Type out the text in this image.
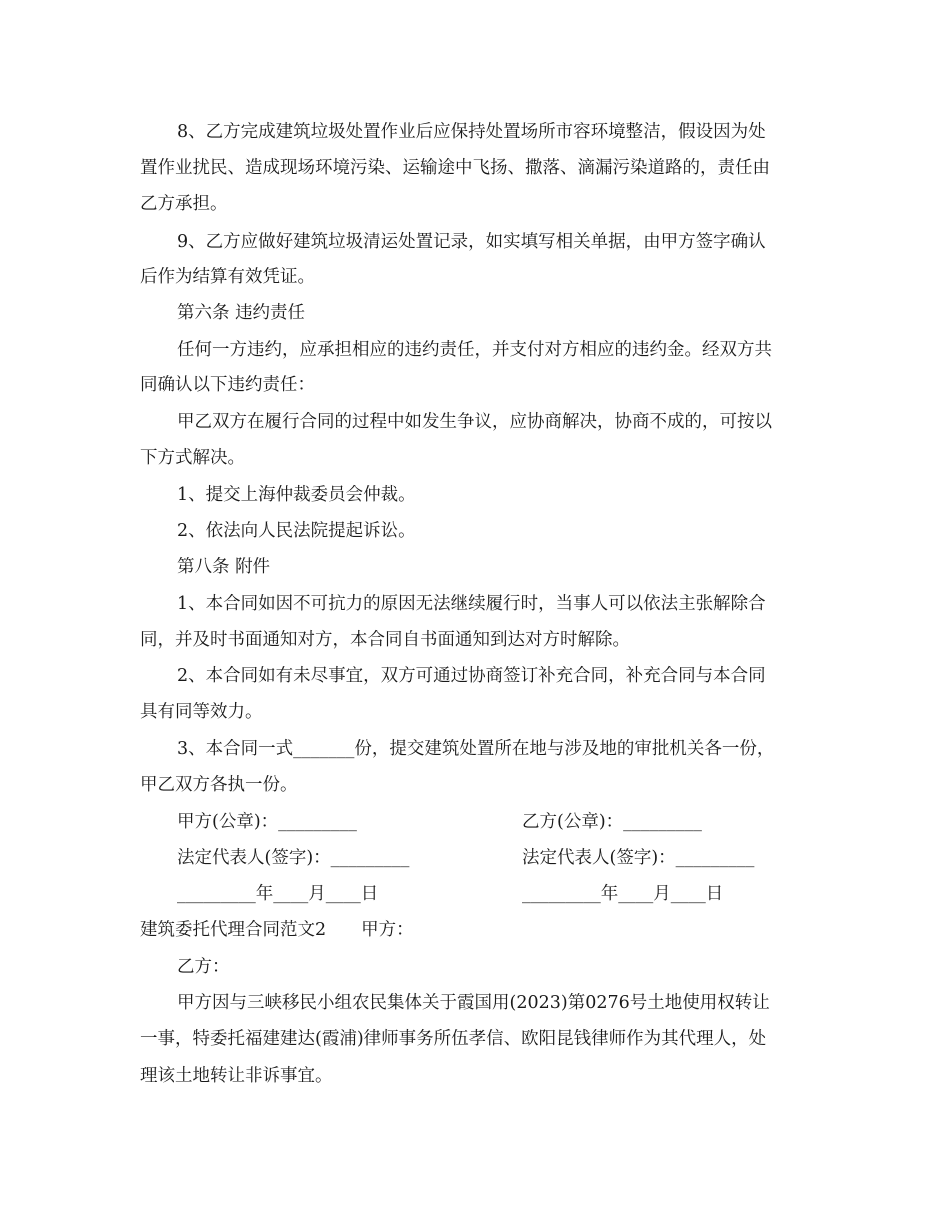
8、乙方完成建筑垃圾处置作业后应保持处置场所市容环境整洁，假设因为处
置作业扰民、造成现场环境污染、运输途中飞扬、撒落、滴漏污染道路的，责任由
乙方承担。
9、乙方应做好建筑垃圾清运处置记录，如实填写相关单据，由甲方签字确认
后作为结算有效凭证。
第六条 违约责任
任何一方违约，应承担相应的违约责任，并支付对方相应的违约金。经双方共
同确认以下违约责任：
甲乙双方在履行合同的过程中如发生争议，应协商解决，协商不成的，可按以
下方式解决。
1、提交上海仲裁委员会仲裁。
2、依法向人民法院提起诉讼。
第八条 附件
1、本合同如因不可抗力的原因无法继续履行时，当事人可以依法主张解除合
同，并及时书面通知对方，本合同自书面通知到达对方时解除。
2、本合同如有未尽事宜，双方可通过协商签订补充合同，补充合同与本合同
具有同等效力。
3、本合同一式_______份，提交建筑处置所在地与涉及地的审批机关各一份，
甲乙双方各执一份。
甲方(公章)：_________	乙方(公章)：_________
法定代表人(签字)：_________	法定代表人(签字)：_________
_________年____月____日	_________年____月____日
建筑委托代理合同范文2　　甲方：
乙方：
甲方因与三峡移民小组农民集体关于霞国用(2023)第0276号土地使用权转让
一事，特委托福建建达(霞浦)律师事务所伍孝信、欧阳昆钱律师作为其代理人，处
理该土地转让非诉事宜。
